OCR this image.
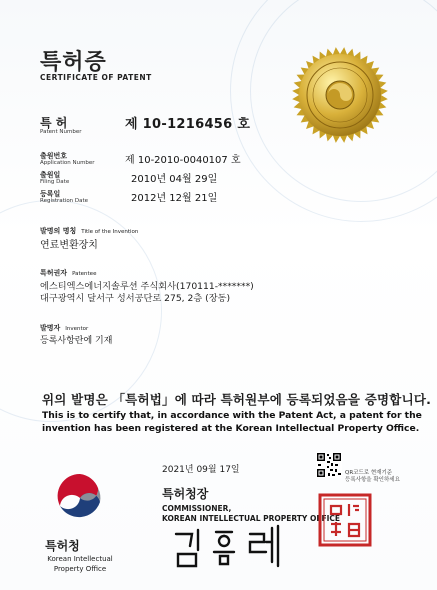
특허증
CERTIFICATE OF PATENT
특 허
Patent Number	제 10-1216456 호
출원번호
Application Number	제 10-2010-0040107 호
출원일
Filing Date	2010년 04월 29일
등록일
Registration Date	2012년 12월 21일
발명의 명칭 Title of the Invention
연료변환장치
특허권자 Patentee
에스티엑스에너지솔루션 주식회사(170111-*******)
대구광역시 달서구 성서공단로 275, 2층 (장동)
발명자 Inventor
등록사항란에 기재
위의 발명은 「특허법」에 따라 특허원부에 등록되었음을 증명합니다.
This is to certify that, in accordance with the Patent Act, a patent for the
invention has been registered at the Korean Intellectual Property Office.
특허청
Korean Intellectual
Property Office
2021년 09월 17일
특허청장
COMMISSIONER,
KOREAN INTELLECTUAL PROPERTY OFFICE
QR코드로 현재기준
등록사항을 확인하세요
